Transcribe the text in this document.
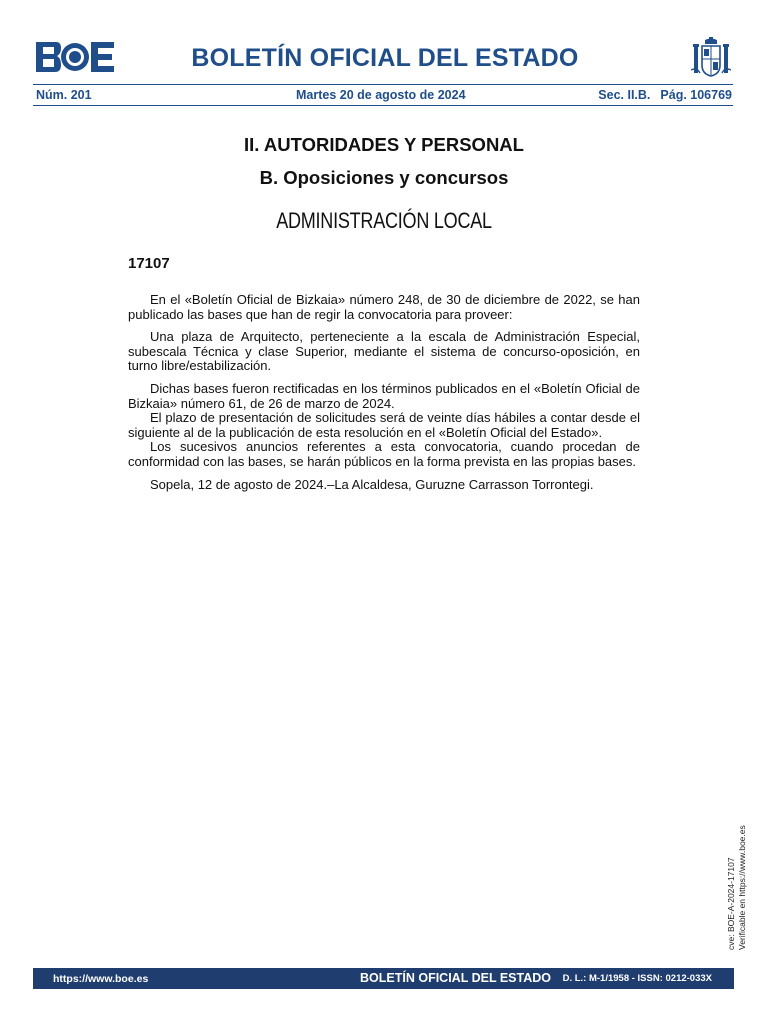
BOLETÍN OFICIAL DEL ESTADO
Núm. 201	Martes 20 de agosto de 2024	Sec. II.B. Pág. 106769
II. AUTORIDADES Y PERSONAL
B. Oposiciones y concursos
ADMINISTRACIÓN LOCAL
17107

En el «Boletín Oficial de Bizkaia» número 248, de 30 de diciembre de 2022, se han publicado las bases que han de regir la convocatoria para proveer:

Una plaza de Arquitecto, perteneciente a la escala de Administración Especial, subescala Técnica y clase Superior, mediante el sistema de concurso-oposición, en turno libre/estabilización.

Dichas bases fueron rectificadas en los términos publicados en el «Boletín Oficial de Bizkaia» número 61, de 26 de marzo de 2024.

El plazo de presentación de solicitudes será de veinte días hábiles a contar desde el siguiente al de la publicación de esta resolución en el «Boletín Oficial del Estado».

Los sucesivos anuncios referentes a esta convocatoria, cuando procedan de conformidad con las bases, se harán públicos en la forma prevista en las propias bases.

Sopela, 12 de agosto de 2024.–La Alcaldesa, Guruzne Carrasson Torrontegi.

cve: BOE-A-2024-17107 Verificable en https://www.boe.es
https://www.boe.es	BOLETÍN OFICIAL DEL ESTADO D. L.: M-1/1958 - ISSN: 0212-033X
